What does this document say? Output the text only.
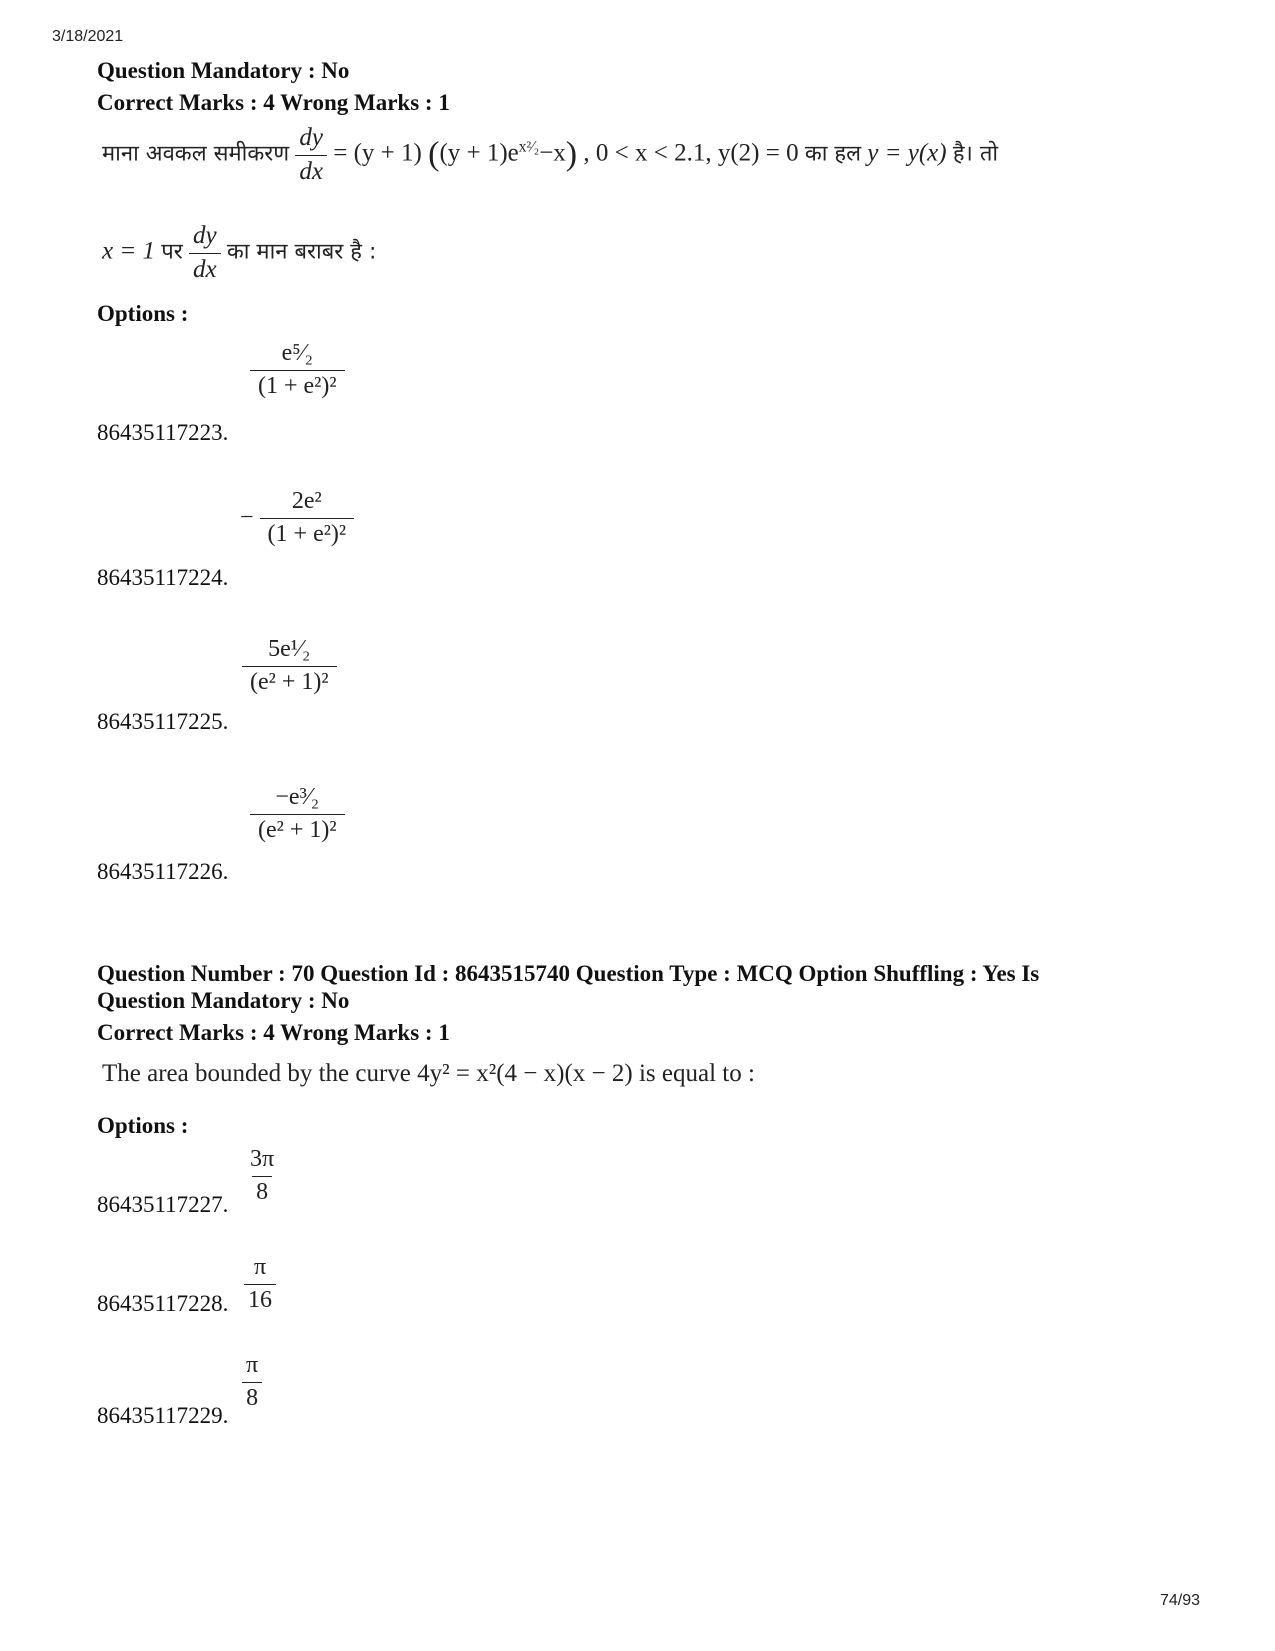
3/18/2021
74/93
Question Mandatory : No
Correct Marks : 4 Wrong Marks : 1
माना अवकल समीकरण $\frac{dy}{dx} = (y + 1) ((y + 1)e^{x^2⁄_2}-x)$ , 0 < x < 2.1, y(2) = 0 का हल y = y(x) है। तो
x = 1 पर $\frac{dy}{dx}$ का मान बराबर है :
Options :
$\frac{\text{e⁵⁄₂}}{\text{(1 + e²)²}}$
86435117223.
− $\frac{\text{2e²}}{\text{(1 + e²)²}}$
86435117224.
$\frac{\text{5e¹⁄₂}}{\text{(e² + 1)²}}$
86435117225.
$\frac{\text{−e³⁄₂}}{\text{(e² + 1)²}}$
86435117226.
Question Number : 70 Question Id : 8643515740 Question Type : MCQ Option Shuffling : Yes Is
Question Mandatory : No
Correct Marks : 4 Wrong Marks : 1
The area bounded by the curve 4y² = x²(4 − x)(x − 2) is equal to :
Options :
$\frac{3\pi}{8}$
86435117227.
$\frac{\pi}{16}$
86435117228.
$\frac{\pi}{8}$
86435117229.
